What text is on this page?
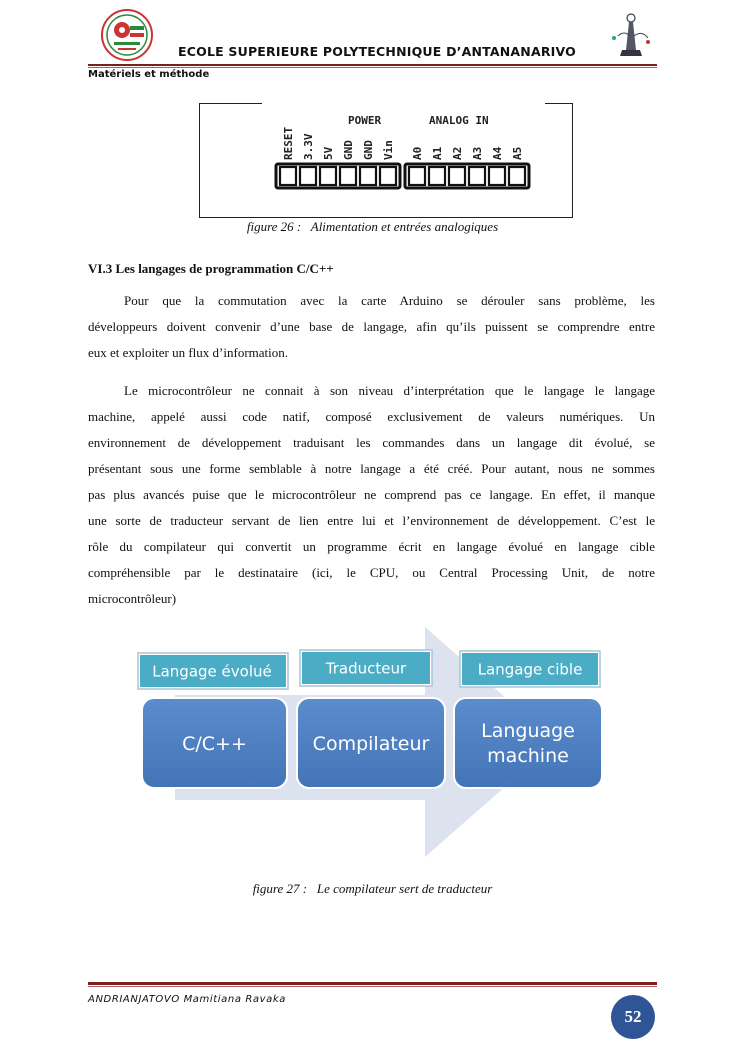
ECOLE SUPERIEURE POLYTECHNIQUE D’ANTANANARIVO
Matériels et méthode
POWER	ANALOG IN
RESET 3.3V 5V GND GND Vin A0 A1 A2 A3 A4 A5
figure 26 :   Alimentation et entrées analogiques
VI.3 Les langages de programmation C/C++
Pour que la commutation avec la carte Arduino se dérouler sans problème, les
développeurs doivent convenir d’une base de langage, afin qu’ils puissent se comprendre entre
eux et exploiter un flux d’information.
Le microcontrôleur ne connait à son niveau d’interprétation que le langage le langage
machine, appelé aussi code natif, composé exclusivement de valeurs numériques. Un
environnement de développement traduisant les commandes dans un langage dit évolué, se
présentant sous une forme semblable à notre langage a été créé. Pour autant, nous ne sommes
pas plus avancés puise que le microcontrôleur ne comprend pas ce langage. En effet, il manque
une sorte de traducteur servant de lien entre lui et l’environnement de développement. C’est le
rôle du compilateur qui convertit un programme écrit en langage évolué en langage cible
compréhensible par le destinataire (ici, le CPU, ou Central Processing Unit, de notre
microcontrôleur)
Langage évolué
C/C++
Traducteur
Compilateur
Langage cible
Language
machine
figure 27 :   Le compilateur sert de traducteur
ANDRIANJATOVO Mamitiana Ravaka
52
